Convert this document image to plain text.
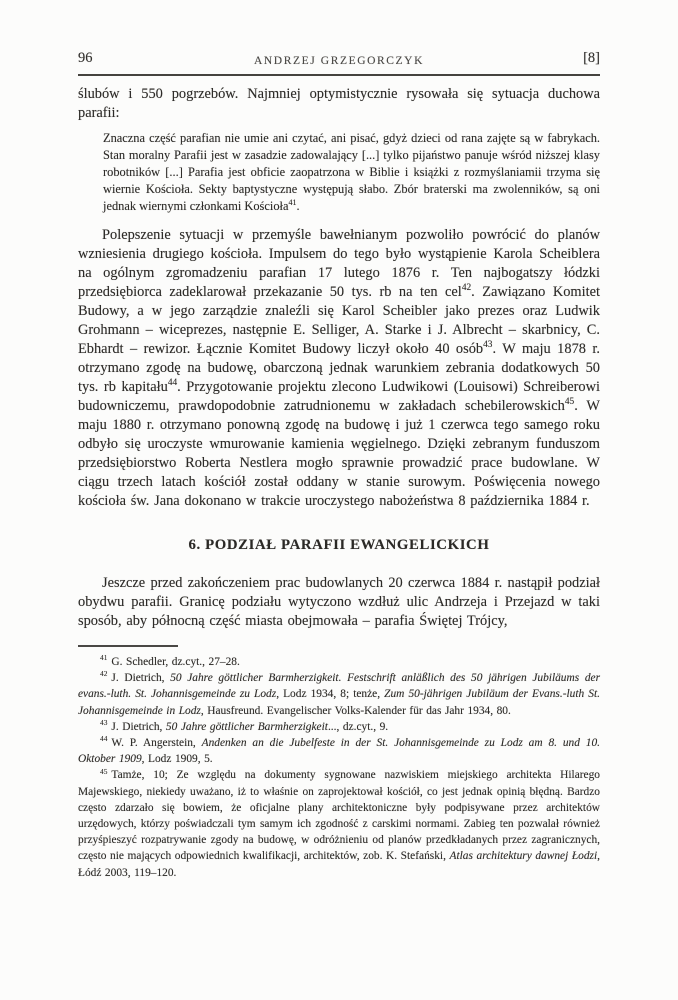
96	ANDRZEJ GRZEGORCZYK	[8]

ślubów i 550 pogrzebów. Najmniej optymistycznie rysowała się sytuacja duchowa parafii:

Znaczna część parafian nie umie ani czytać, ani pisać, gdyż dzieci od rana zajęte są w fabrykach. Stan moralny Parafii jest w zasadzie zadowalający [...] tylko pijaństwo panuje wśród niższej klasy robotników [...] Parafia jest obficie zaopatrzona w Biblie i książki z rozmyślaniamii trzyma się wiernie Kościoła. Sekty baptystyczne występują słabo. Zbór braterski ma zwolenników, są oni jednak wiernymi członkami Kościoła$^{41}$.

Polepszenie sytuacji w przemyśle bawełnianym pozwoliło powrócić do planów wzniesienia drugiego kościoła. Impulsem do tego było wystąpienie Karola Scheiblera na ogólnym zgromadzeniu parafian 17 lutego 1876 r. Ten najbogatszy łódzki przedsiębiorca zadeklarował przekazanie 50 tys. rb na ten cel$^{42}$. Zawiązano Komitet Budowy, a w jego zarządzie znaleźli się Karol Scheibler jako prezes oraz Ludwik Grohmann – wiceprezes, następnie E. Selliger, A. Starke i J. Albrecht – skarbnicy, C. Ebhardt – rewizor. Łącznie Komitet Budowy liczył około 40 osób$^{43}$. W maju 1878 r. otrzymano zgodę na budowę, obarczoną jednak warunkiem zebrania dodatkowych 50 tys. rb kapitału$^{44}$. Przygotowanie projektu zlecono Ludwikowi (Louisowi) Schreiberowi budowniczemu, prawdopodobnie zatrudnionemu w zakładach schebilerowskich$^{45}$. W maju 1880 r. otrzymano ponowną zgodę na budowę i już 1 czerwca tego samego roku odbyło się uroczyste wmurowanie kamienia węgielnego. Dzięki zebranym funduszom przedsiębiorstwo Roberta Nestlera mogło sprawnie prowadzić prace budowlane. W ciągu trzech latach kościół został oddany w stanie surowym. Poświęcenia nowego kościoła św. Jana dokonano w trakcie uroczystego nabożeństwa 8 października 1884 r.

6. PODZIAŁ PARAFII EWANGELICKICH

Jeszcze przed zakończeniem prac budowlanych 20 czerwca 1884 r. nastąpił podział obydwu parafii. Granicę podziału wytyczono wzdłuż ulic Andrzeja i Przejazd w taki sposób, aby północną część miasta obejmowała – parafia Świętej Trójcy,

$^{41}$ G. Schedler, dz.cyt., 27–28.

$^{42}$ J. Dietrich, 50 Jahre göttlicher Barmherzigkeit. Festschrift anläßlich des 50 jährigen Jubiläums der evans.-luth. St. Johannisgemeinde zu Lodz, Lodz 1934, 8; tenże, Zum 50-jährigen Jubiläum der Evans.-luth St. Johannisgemeinde in Lodz, Hausfreund. Evangelischer Volks-Kalender für das Jahr 1934, 80.

$^{43}$ J. Dietrich, 50 Jahre göttlicher Barmherzigkeit..., dz.cyt., 9.

$^{44}$ W. P. Angerstein, Andenken an die Jubelfeste in der St. Johannisgemeinde zu Lodz am 8. und 10. Oktober 1909, Lodz 1909, 5.

$^{45}$ Tamże, 10; Ze względu na dokumenty sygnowane nazwiskiem miejskiego architekta Hilarego Majewskiego, niekiedy uważano, iż to właśnie on zaprojektował kościół, co jest jednak opinią błędną. Bardzo często zdarzało się bowiem, że oficjalne plany architektoniczne były podpisywane przez architektów urzędowych, którzy poświadczali tym samym ich zgodność z carskimi normami. Zabieg ten pozwalał również przyśpieszyć rozpatrywanie zgody na budowę, w odróżnieniu od planów przedkładanych przez zagranicznych, często nie mających odpowiednich kwalifikacji, architektów, zob. K. Stefański, Atlas architektury dawnej Łodzi, Łódź 2003, 119–120.
